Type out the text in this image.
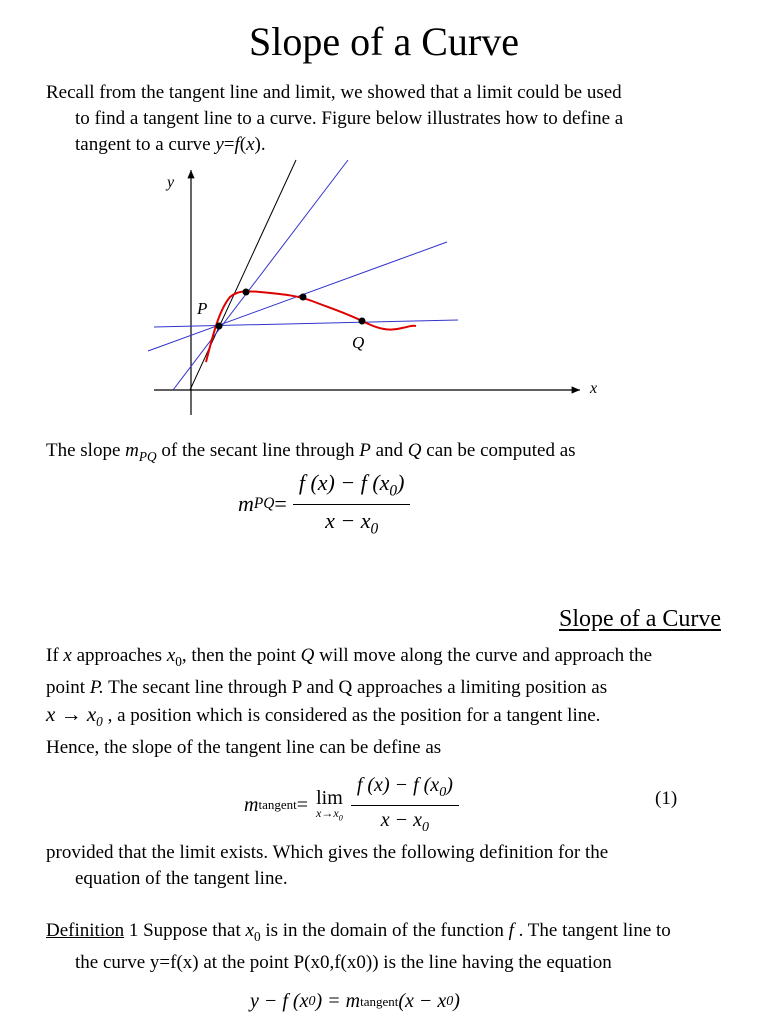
Slope of a Curve
Recall from the tangent line and limit, we showed that a limit could be used
to find a tangent line to a curve. Figure below illustrates how to define a
tangent to a curve y=f(x).
y
x
P
Q
The slope $m_{PQ}$ of the secant line through P and Q can be computed as
m PQ = $\frac{f (x) - f (x_0)}{x - x_0}$
Slope of a Curve
If x approaches $x_0$, then the point Q will move along the curve and approach the
point P. The secant line through P and Q approaches a limiting position as
$x \to x_0$ , a position which is considered as the position for a tangent line.
Hence, the slope of the tangent line can be define as
m tangent = lim
$x\to x_0 \frac{f (x) - f (x_0)}{x - x_0}$	(1)
provided that the limit exists. Which gives the following definition for the
equation of the tangent line.
Definition 1 Suppose that $x_0$ is in the domain of the function f . The tangent line to
the curve y=f(x) at the point P(x0,f(x0)) is the line having the equation
y − f (x 0 ) = m tangent (x − x 0 )
